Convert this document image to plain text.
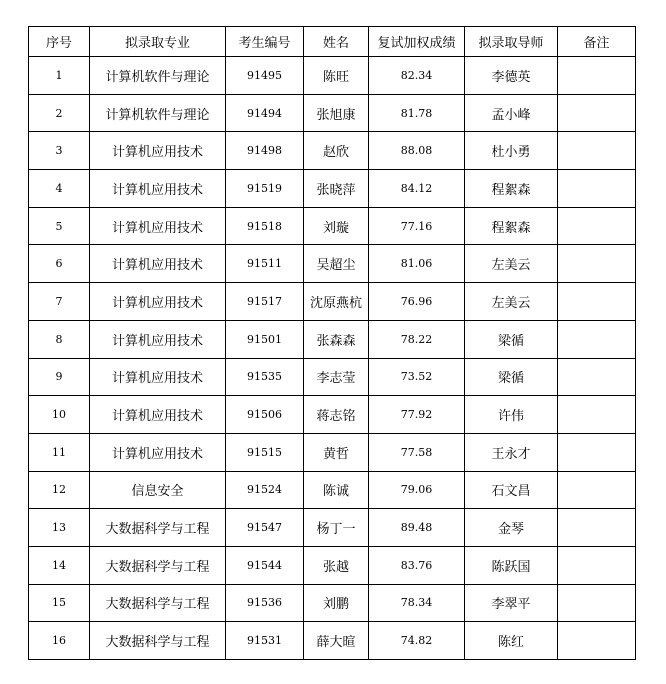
序号	拟录取专业	考生编号	姓名	复试加权成绩	拟录取导师	备注
1	计算机软件与理论	91495	陈旺	82.34	李德英	
2	计算机软件与理论	91494	张旭康	81.78	孟小峰	
3	计算机应用技术	91498	赵欣	88.08	杜小勇	
4	计算机应用技术	91519	张晓萍	84.12	程絮森	
5	计算机应用技术	91518	刘璇	77.16	程絮森	
6	计算机应用技术	91511	吴超尘	81.06	左美云	
7	计算机应用技术	91517	沈原燕杭	76.96	左美云	
8	计算机应用技术	91501	张森森	78.22	梁循	
9	计算机应用技术	91535	李志莹	73.52	梁循	
10	计算机应用技术	91506	蒋志铭	77.92	许伟	
11	计算机应用技术	91515	黄哲	77.58	王永才	
12	信息安全	91524	陈诚	79.06	石文昌	
13	大数据科学与工程	91547	杨丁一	89.48	金琴	
14	大数据科学与工程	91544	张越	83.76	陈跃国	
15	大数据科学与工程	91536	刘鹏	78.34	李翠平	
16	大数据科学与工程	91531	薛大暄	74.82	陈红	
